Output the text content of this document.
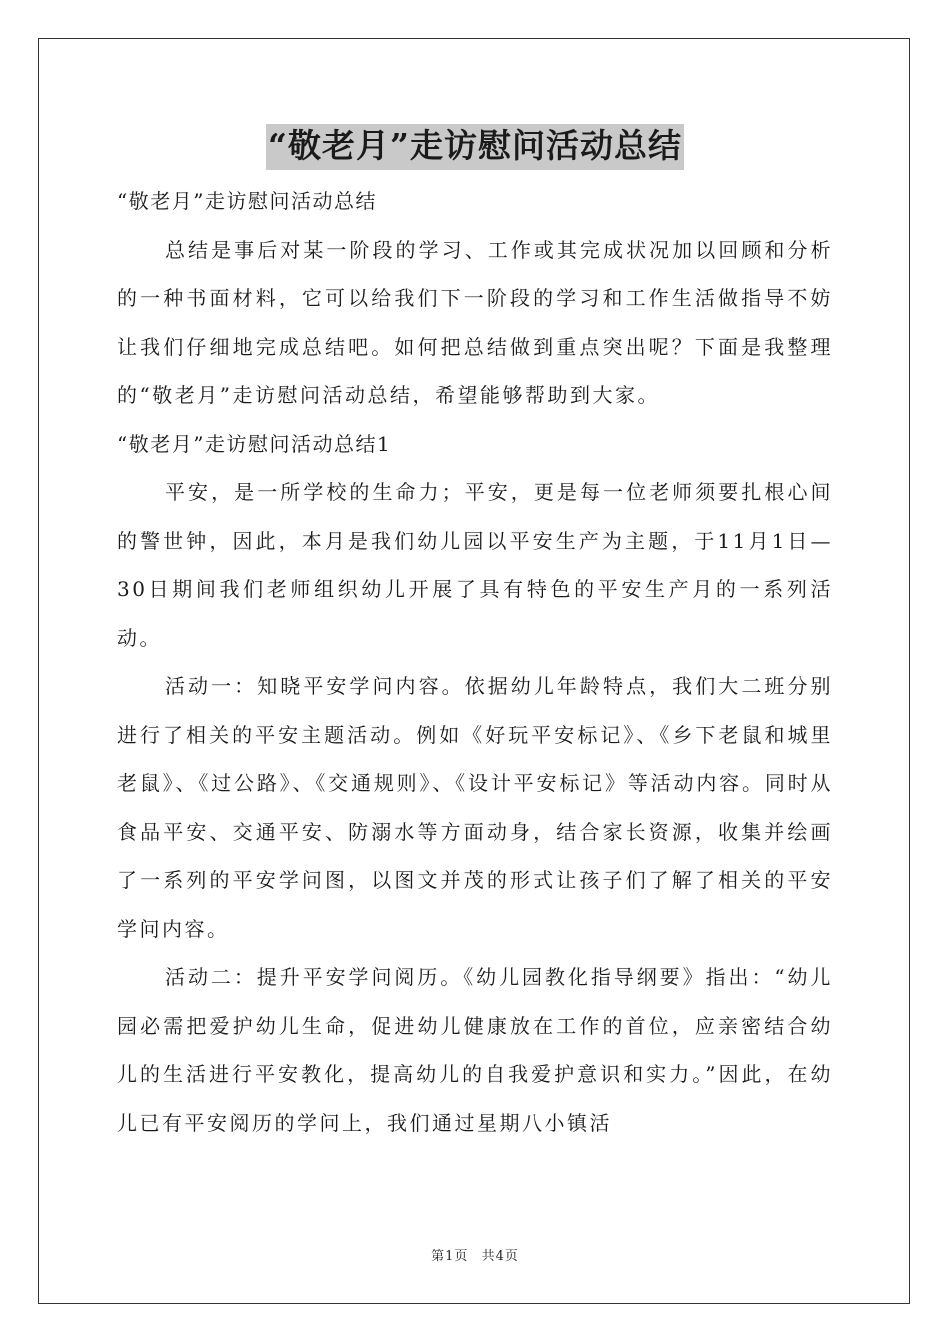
“敬老月”走访慰问活动总结

“敬老月”走访慰问活动总结

总结是事后对某一阶段的学习、工作或其完成状况加以回顾和分析的一种书面材料，它可以给我们下一阶段的学习和工作生活做指导不妨让我们仔细地完成总结吧。如何把总结做到重点突出呢？下面是我整理的“敬老月”走访慰问活动总结，希望能够帮助到大家。

“敬老月”走访慰问活动总结1

平安，是一所学校的生命力；平安，更是每一位老师须要扎根心间的警世钟，因此，本月是我们幼儿园以平安生产为主题，于11月1日—30日期间我们老师组织幼儿开展了具有特色的平安生产月的一系列活动。

活动一：知晓平安学问内容。依据幼儿年龄特点，我们大二班分别进行了相关的平安主题活动。例如《好玩平安标记》、《乡下老鼠和城里老鼠》、《过公路》、《交通规则》、《设计平安标记》等活动内容。同时从食品平安、交通平安、防溺水等方面动身，结合家长资源，收集并绘画了一系列的平安学问图，以图文并茂的形式让孩子们了解了相关的平安学问内容。

活动二：提升平安学问阅历。《幼儿园教化指导纲要》指出：“幼儿园必需把爱护幼儿生命，促进幼儿健康放在工作的首位，应亲密结合幼儿的生活进行平安教化，提高幼儿的自我爱护意识和实力。”因此，在幼儿已有平安阅历的学问上，我们通过星期八小镇活

第1页 共4页
